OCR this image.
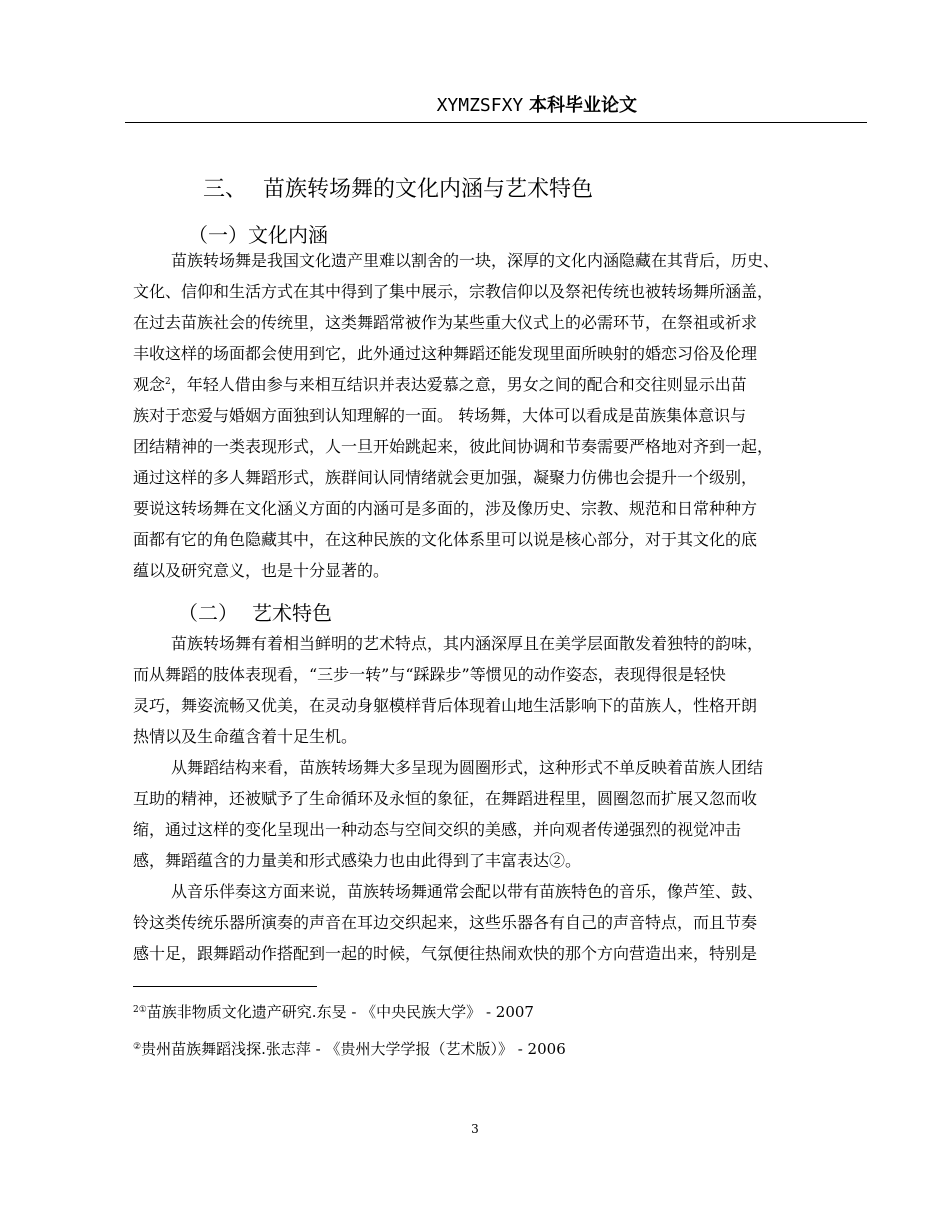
XYMZSFXY 本科毕业论文
三、 苗族转场舞的文化内涵与艺术特色
（一）文化内涵
苗族转场舞是我国文化遗产里难以割舍的一块，深厚的文化内涵隐藏在其背后，历史、
文化、信仰和生活方式在其中得到了集中展示，宗教信仰以及祭祀传统也被转场舞所涵盖，
在过去苗族社会的传统里，这类舞蹈常被作为某些重大仪式上的必需环节，在祭祖或祈求
丰收这样的场面都会使用到它，此外通过这种舞蹈还能发现里面所映射的婚恋习俗及伦理
观念$^2$，年轻人借由参与来相互结识并表达爱慕之意，男女之间的配合和交往则显示出苗
族对于恋爱与婚姻方面独到认知理解的一面。 转场舞，大体可以看成是苗族集体意识与
团结精神的一类表现形式，人一旦开始跳起来，彼此间协调和节奏需要严格地对齐到一起，
通过这样的多人舞蹈形式，族群间认同情绪就会更加强，凝聚力仿佛也会提升一个级别，
要说这转场舞在文化涵义方面的内涵可是多面的，涉及像历史、宗教、规范和日常种种方
面都有它的角色隐藏其中，在这种民族的文化体系里可以说是核心部分，对于其文化的底
蕴以及研究意义，也是十分显著的。
（二） 艺术特色
苗族转场舞有着相当鲜明的艺术特点，其内涵深厚且在美学层面散发着独特的韵味，
而从舞蹈的肢体表现看，“三步一转”与“踩跺步”等惯见的动作姿态，表现得很是轻快
灵巧，舞姿流畅又优美，在灵动身躯模样背后体现着山地生活影响下的苗族人，性格开朗
热情以及生命蕴含着十足生机。
从舞蹈结构来看，苗族转场舞大多呈现为圆圈形式，这种形式不单反映着苗族人团结
互助的精神，还被赋予了生命循环及永恒的象征，在舞蹈进程里，圆圈忽而扩展又忽而收
缩，通过这样的变化呈现出一种动态与空间交织的美感，并向观者传递强烈的视觉冲击
感，舞蹈蕴含的力量美和形式感染力也由此得到了丰富表达②。
从音乐伴奏这方面来说，苗族转场舞通常会配以带有苗族特色的音乐，像芦笙、鼓、
铃这类传统乐器所演奏的声音在耳边交织起来，这些乐器各有自己的声音特点，而且节奏
感十足，跟舞蹈动作搭配到一起的时候，气氛便往热闹欢快的那个方向营造出来，特别是
$^{2①}$苗族非物质文化遗产研究.东旻 - 《中央民族大学》 - 2007
②贵州苗族舞蹈浅探.张志萍 - 《贵州大学学报（艺术版）》 - 2006
3
